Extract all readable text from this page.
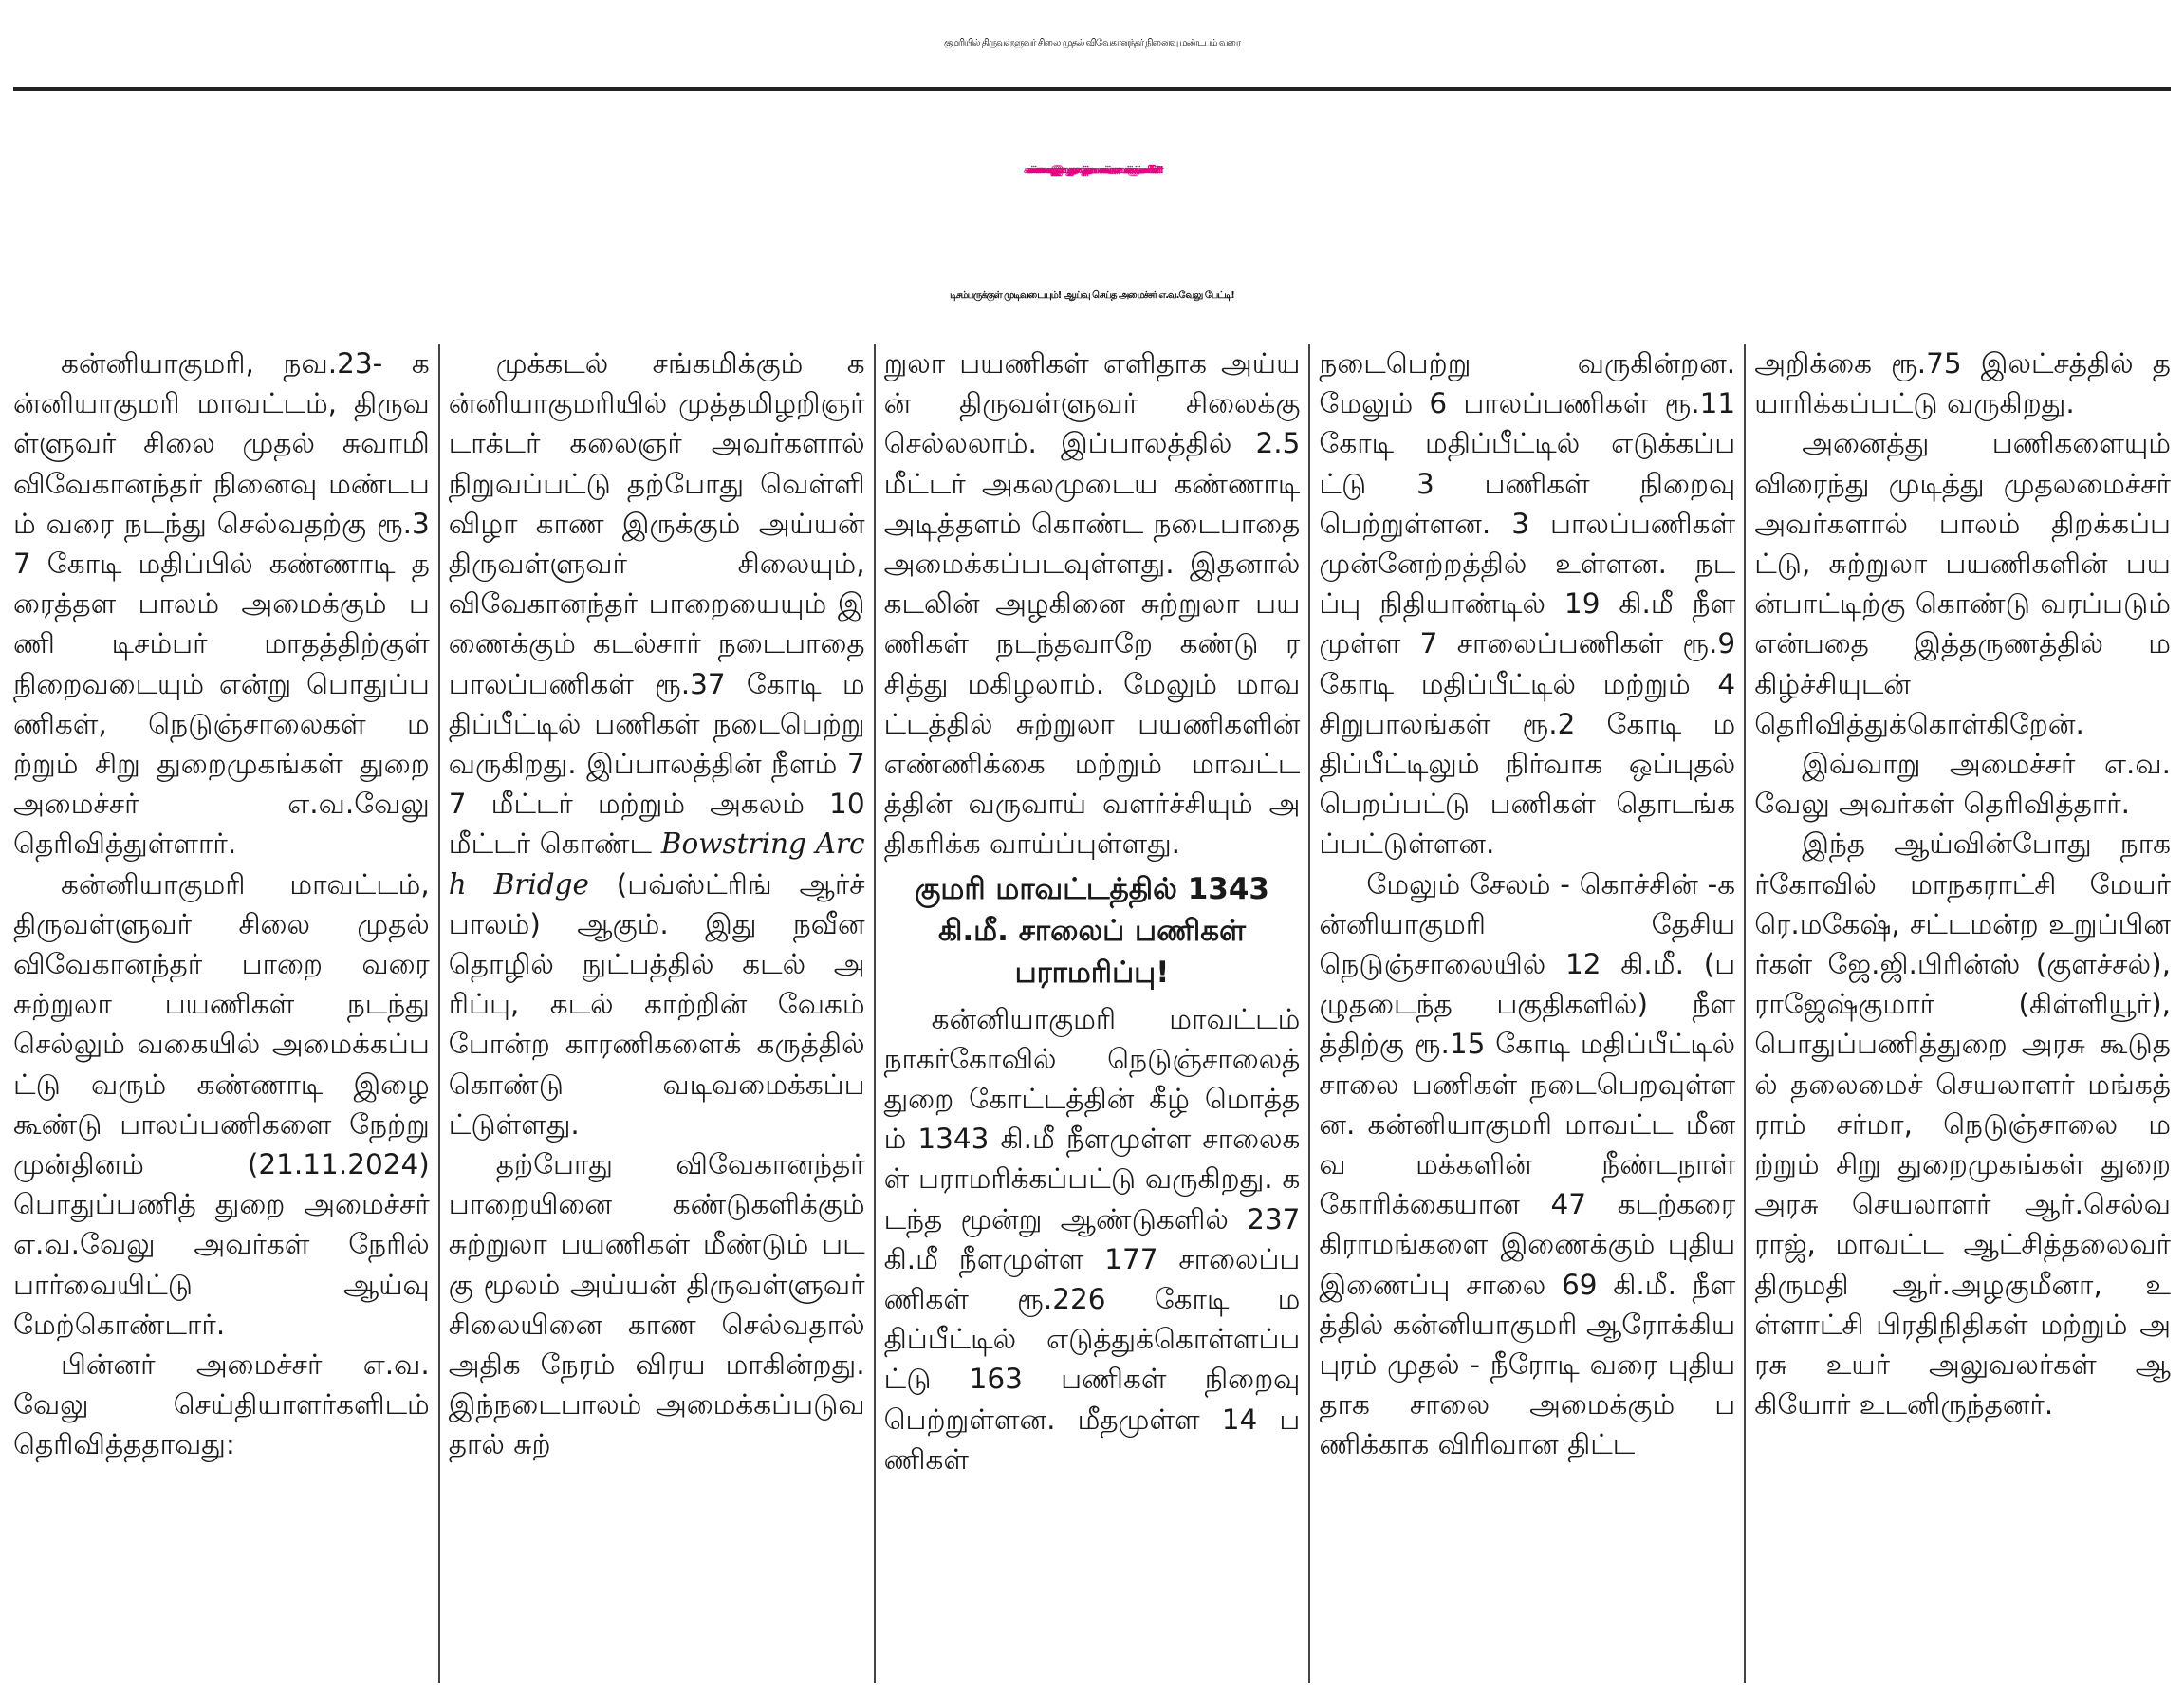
குமரியில் திருவள்ளுவர் சிலை முதல் விவேகானந்தர் நினைவு மண்டபம் வரை
கண்ணாடி இழை தரைத்தள பாலம் அமைக்கும் பணிகள்!
டிசம்பருக்குள் முடிவடையும்! ஆய்வு செய்த அமைச்சர் எ.வ.வேலு பேட்டி!

கன்னியாகுமரி, நவ.23- கன்னியாகுமரி மாவட்டம், திருவள்ளுவர் சிலை முதல் சுவாமி விவேகானந்தர் நினைவு மண்டபம் வரை நடந்து செல்வதற்கு ரூ.37 கோடி மதிப்பில் கண்ணாடி தரைத்தள பாலம் அமைக்கும் பணி டிசம்பர் மாதத்திற்குள் நிறைவடையும் என்று பொதுப்பணிகள், நெடுஞ்சாலைகள் மற்றும் சிறு துறைமுகங்கள் துறை அமைச்சர் எ.வ.வேலு தெரிவித்துள்ளார்.

கன்னியாகுமரி மாவட்டம், திருவள்ளுவர் சிலை முதல் விவேகானந்தர் பாறை வரை சுற்றுலா பயணிகள் நடந்து செல்லும் வகையில் அமைக்கப்பட்டு வரும் கண்ணாடி இழை கூண்டு பாலப்பணிகளை நேற்று முன்தினம் (21.11.2024) பொதுப்பணித் துறை அமைச்சர் எ.வ.வேலு அவர்கள் நேரில் பார்வையிட்டு ஆய்வு மேற்கொண்டார்.

பின்னர் அமைச்சர் எ.வ.வேலு செய்தியாளர்களிடம் தெரிவித்ததாவது:

முக்கடல் சங்கமிக்கும் கன்னியாகுமரியில் முத்தமிழறிஞர் டாக்டர் கலைஞர் அவர்களால் நிறுவப்பட்டு தற்போது வெள்ளி விழா காண இருக்கும் அய்யன் திருவள்ளுவர் சிலையும், விவேகானந்தர் பாறையையும் இணைக்கும் கடல்சார் நடைபாதை பாலப்பணிகள் ரூ.37 கோடி மதிப்பீட்டில் பணிகள் நடைபெற்று வருகிறது. இப்பாலத்தின் நீளம் 77 மீட்டர் மற்றும் அகலம் 10 மீட்டர் கொண்ட Bowstring Arch Bridge (பவ்ஸ்ட்ரிங் ஆர்ச் பாலம்) ஆகும். இது நவீன தொழில் நுட்பத்தில் கடல் அரிப்பு, கடல் காற்றின் வேகம் போன்ற காரணிகளைக் கருத்தில் கொண்டு வடிவமைக்கப்பட்டுள்ளது.

தற்போது விவேகானந்தர் பாறையினை கண்டுகளிக்கும் சுற்றுலா பயணிகள் மீண்டும் படகு மூலம் அய்யன் திருவள்ளுவர் சிலையினை காண செல்வதால் அதிக நேரம் விரய மாகின்றது. இந்நடைபாலம் அமைக்கப்படுவதால் சுற்

றுலா பயணிகள் எளிதாக அய்யன் திருவள்ளுவர் சிலைக்கு செல்லலாம். இப்பாலத்தில் 2.5 மீட்டர் அகலமுடைய கண்ணாடி அடித்தளம் கொண்ட நடைபாதை அமைக்கப்படவுள்ளது. இதனால் கடலின் அழகினை சுற்றுலா பயணிகள் நடந்தவாறே கண்டு ரசித்து மகிழலாம். மேலும் மாவட்டத்தில் சுற்றுலா பயணிகளின் எண்ணிக்கை மற்றும் மாவட்டத்தின் வருவாய் வளர்ச்சியும் அதிகரிக்க வாய்ப்புள்ளது.

குமரி மாவட்டத்தில் 1343 கி.மீ. சாலைப் பணிகள் பராமரிப்பு!

கன்னியாகுமரி மாவட்டம் நாகர்கோவில் நெடுஞ்சாலைத் துறை கோட்டத்தின் கீழ் மொத்தம் 1343 கி.மீ நீளமுள்ள சாலைகள் பராமரிக்கப்பட்டு வருகிறது. கடந்த மூன்று ஆண்டுகளில் 237 கி.மீ நீளமுள்ள 177 சாலைப்பணிகள் ரூ.226 கோடி மதிப்பீட்டில் எடுத்துக்கொள்ளப்பட்டு 163 பணிகள் நிறைவு பெற்றுள்ளன. மீதமுள்ள 14 பணிகள்

நடைபெற்று வருகின்றன. மேலும் 6 பாலப்பணிகள் ரூ.11 கோடி மதிப்பீட்டில் எடுக்கப்பட்டு 3 பணிகள் நிறைவு பெற்றுள்ளன. 3 பாலப்பணிகள் முன்னேற்றத்தில் உள்ளன. நடப்பு நிதியாண்டில் 19 கி.மீ நீளமுள்ள 7 சாலைப்பணிகள் ரூ.9 கோடி மதிப்பீட்டில் மற்றும் 4 சிறுபாலங்கள் ரூ.2 கோடி மதிப்பீட்டிலும் நிர்வாக ஒப்புதல் பெறப்பட்டு பணிகள் தொடங்கப்பட்டுள்ளன.

மேலும் சேலம் - கொச்சின் -கன்னியாகுமரி தேசிய நெடுஞ்சாலையில் 12 கி.மீ. (பழுதடைந்த பகுதிகளில்) நீளத்திற்கு ரூ.15 கோடி மதிப்பீட்டில் சாலை பணிகள் நடைபெறவுள்ளன. கன்னியாகுமரி மாவட்ட மீனவ மக்களின் நீண்டநாள் கோரிக்கையான 47 கடற்கரை கிராமங்களை இணைக்கும் புதிய இணைப்பு சாலை 69 கி.மீ. நீளத்தில் கன்னியாகுமரி ஆரோக்கியபுரம் முதல் - நீரோடி வரை புதியதாக சாலை அமைக்கும் பணிக்காக விரிவான திட்ட

அறிக்கை ரூ.75 இலட்சத்தில் தயாரிக்கப்பட்டு வருகிறது.

அனைத்து பணிகளையும் விரைந்து முடித்து முதலமைச்சர் அவர்களால் பாலம் திறக்கப்பட்டு, சுற்றுலா பயணிகளின் பயன்பாட்டிற்கு கொண்டு வரப்படும் என்பதை இத்தருணத்தில் மகிழ்ச்சியுடன் தெரிவித்துக்கொள்கிறேன்.

இவ்வாறு அமைச்சர் எ.வ.வேலு அவர்கள் தெரிவித்தார்.

இந்த ஆய்வின்போது நாகர்கோவில் மாநகராட்சி மேயர் ரெ.மகேஷ், சட்டமன்ற உறுப்பினர்கள் ஜே.ஜி.பிரின்ஸ் (குளச்சல்), ராஜேஷ்குமார் (கிள்ளியூர்), பொதுப்பணித்துறை அரசு கூடுதல் தலைமைச் செயலாளர் மங்கத் ராம் சர்மா, நெடுஞ்சாலை மற்றும் சிறு துறைமுகங்கள் துறை அரசு செயலாளர் ஆர்.செல்வராஜ், மாவட்ட ஆட்சித்தலைவர் திருமதி ஆர்.அழகுமீனா, உள்ளாட்சி பிரதிநிதிகள் மற்றும் அரசு உயர் அலுவலர்கள் ஆகியோர் உடனிருந்தனர்.
